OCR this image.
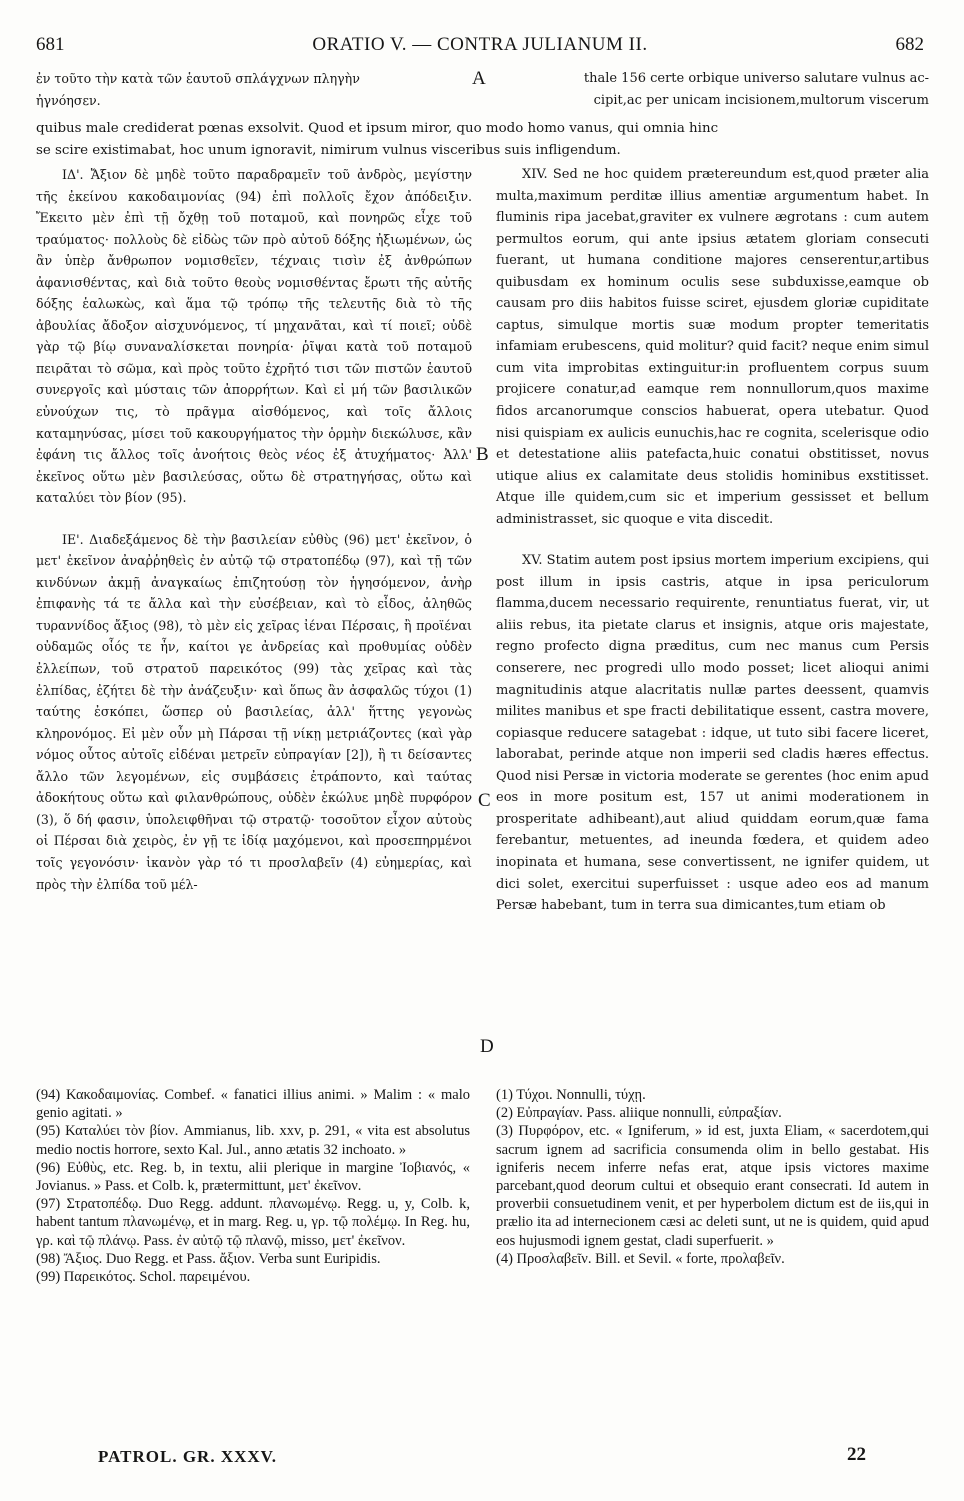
681	ORATIO V. — CONTRA JULIANUM II.	682
ἐν τοῦτο τὴν κατὰ τῶν ἑαυτοῦ σπλάγχνων πληγὴν
ἠγνόησεν.
thale 156 certe orbique universo salutare vulnus ac-
cipit,ac per unicam incisionem,multorum viscerum
quibus male crediderat pœnas exsolvit. Quod et ipsum miror, quo modo homo vanus, qui omnia hinc
se scire existimabat, hoc unum ignoravit, nimirum vulnus visceribus suis infligendum.

ΙΔ'. Ἄξιον δὲ μηδὲ τοῦτο παραδραμεῖν τοῦ ἀνδρὸς, μεγίστην τῆς ἐκείνου κακοδαιμονίας (94) ἐπὶ πολλοῖς ἔχον ἀπόδειξιν. Ἔκειτο μὲν ἐπὶ τῇ ὄχθῃ τοῦ ποταμοῦ, καὶ πονηρῶς εἶχε τοῦ τραύματος· πολλοὺς δὲ εἰδὼς τῶν πρὸ αὐτοῦ δόξης ἠξιωμένων, ὡς ἂν ὑπὲρ ἄνθρωπον νομισθεῖεν, τέχναις τισὶν ἐξ ἀνθρώπων ἀφανισθέντας, καὶ διὰ τοῦτο θεοὺς νομισθέντας ἔρωτι τῆς αὐτῆς δόξης ἑαλωκὼς, καὶ ἅμα τῷ τρόπῳ τῆς τελευτῆς διὰ τὸ τῆς ἀβουλίας ἄδοξον αἰσχυνόμενος, τί μηχανᾶται, καὶ τί ποιεῖ; οὐδὲ γὰρ τῷ βίῳ συναναλίσκεται πονηρία· ῥῖψαι κατὰ τοῦ ποταμοῦ πειρᾶται τὸ σῶμα, καὶ πρὸς τοῦτο ἐχρῆτό τισι τῶν πιστῶν ἑαυτοῦ συνεργοῖς καὶ μύσταις τῶν ἀπορρήτων. Καὶ εἰ μή τῶν βασιλικῶν εὐνούχων τις, τὸ πρᾶγμα αἰσθόμενος, καὶ τοῖς ἄλλοις καταμηνύσας, μίσει τοῦ κακουργήματος τὴν ὁρμὴν διεκώλυσε, κἂν ἐφάνη τις ἄλλος τοῖς ἀνοήτοις θεὸς νέος ἐξ ἀτυχήματος· Ἀλλ' ἐκεῖνος οὕτω μὲν βασιλεύσας, οὕτω δὲ στρατηγήσας, οὕτω καὶ καταλύει τὸν βίον (95).

ΙΕ'. Διαδεξάμενος δὲ τὴν βασιλείαν εὐθὺς (96) μετ' ἐκεῖνον, ὁ μετ' ἐκεῖνον ἀναῤῥηθεὶς ἐν αὐτῷ τῷ στρατοπέδῳ (97), καὶ τῇ τῶν κινδύνων ἀκμῇ ἀναγκαίως ἐπιζητούσῃ τὸν ἡγησόμενον, ἀνὴρ ἐπιφανὴς τά τε ἄλλα καὶ τὴν εὐσέβειαν, καὶ τὸ εἶδος, ἀληθῶς τυραννίδος ἄξιος (98), τὸ μὲν εἰς χεῖρας ἰέναι Πέρσαις, ἢ προϊέναι οὐδαμῶς οἷός τε ἦν, καίτοι γε ἀνδρείας καὶ προθυμίας οὐδὲν ἐλλείπων, τοῦ στρατοῦ παρεικότος (99) τὰς χεῖρας καὶ τὰς ἐλπίδας, ἐζήτει δὲ τὴν ἀνάζευξιν· καὶ ὅπως ἂν ἀσφαλῶς τύχοι (1) ταύτης ἐσκόπει, ὥσπερ οὐ βασιλείας, ἀλλ' ἥττης γεγονὼς κληρονόμος. Εἰ μὲν οὖν μὴ Πάρσαι τῇ νίκῃ μετριάζοντες (καὶ γὰρ νόμος οὗτος αὐτοῖς εἰδέναι μετρεῖν εὐπραγίαν [2]), ἢ τι δείσαντες ἄλλο τῶν λεγομένων, εἰς συμβάσεις ἐτράποντο, καὶ ταύτας ἀδοκήτους οὕτω καὶ φιλανθρώπους, οὐδὲν ἐκώλυε μηδὲ πυρφόρον (3), ὅ δή φασιν, ὑπολειφθῆναι τῷ στρατῷ· τοσοῦτον εἶχον αὐτοὺς οἱ Πέρσαι διὰ χειρὸς, ἐν γῇ τε ἰδίᾳ μαχόμενοι, καὶ προσεπηρμένοι τοῖς γεγονόσιν· ἱκανὸν γὰρ τό τι προσλαβεῖν (4) εὐημερίας, καὶ πρὸς τὴν ἐλπίδα τοῦ μέλ-

XIV. Sed ne hoc quidem prætereundum est,quod præter alia multa,maximum perditæ illius amentiæ argumentum habet. In fluminis ripa jacebat,graviter ex vulnere ægrotans : cum autem permultos eorum, qui ante ipsius ætatem gloriam consecuti fuerant, ut humana conditione majores censerentur,artibus quibusdam ex hominum oculis sese subduxisse,eamque ob causam pro diis habitos fuisse sciret, ejusdem gloriæ cupiditate captus, simulque mortis suæ modum propter temeritatis infamiam erubescens, quid molitur? quid facit? neque enim simul cum vita improbitas extinguitur:in profluentem corpus suum projicere conatur,ad eamque rem nonnullorum,quos maxime fidos arcanorumque conscios habuerat, opera utebatur. Quod nisi quispiam ex aulicis eunuchis,hac re cognita, scelerisque odio et detestatione aliis patefacta,huic conatui obstitisset, novus utique alius ex calamitate deus stolidis hominibus exstitisset. Atque ille quidem,cum sic et imperium gessisset et bellum administrasset, sic quoque e vita discedit.

XV. Statim autem post ipsius mortem imperium excipiens, qui post illum in ipsis castris, atque in ipsa periculorum flamma,ducem necessario requirente, renuntiatus fuerat, vir, ut aliis rebus, ita pietate clarus et insignis, atque oris majestate, regno profecto digna præditus, cum nec manus cum Persis conserere, nec progredi ullo modo posset; licet alioqui animi magnitudinis atque alacritatis nullæ partes deessent, quamvis milites manibus et spe fracti debilitatique essent, castra movere, copiasque reducere satagebat : idque, ut tuto sibi facere liceret, laborabat, perinde atque non imperii sed cladis hæres effectus. Quod nisi Persæ in victoria moderate se gerentes (hoc enim apud eos in more positum est, 157 ut animi moderationem in prosperitate adhibeant),aut aliud quiddam eorum,quæ fama ferebantur, metuentes, ad ineunda fœdera, et quidem adeo inopinata et humana, sese convertissent, ne ignifer quidem, ut dici solet, exercitui superfuisset : usque adeo eos ad manum Persæ habebant, tum in terra sua dimicantes,tum etiam ob

A
B
C
D

(94) Κακοδαιμονίας. Combef. « fanatici illius animi. » Malim : « malo genio agitati. »

(95) Καταλύει τὸν βίον. Ammianus, lib. xxv, p. 291, « vita est absolutus medio noctis horrore, sexto Kal. Jul., anno ætatis 32 inchoato. »

(96) Εὐθὺς, etc. Reg. b, in textu, alii plerique in margine Ἰοβιανός, « Jovianus. » Pass. et Colb. k, prætermittunt, μετ' ἐκεῖνον.

(97) Στρατοπέδῳ. Duo Regg. addunt. πλανωμένῳ. Regg. u, y, Colb. k, habent tantum πλανωμένῳ, et in marg. Reg. u, γρ. τῷ πολέμῳ. In Reg. hu, γρ. καὶ τῷ πλάνῳ. Pass. ἐν αὐτῷ τῷ πλανῷ, misso, μετ' ἐκεῖνον.

(98) Ἄξιος. Duo Regg. et Pass. ἄξιον. Verba sunt Euripidis.

(99) Παρεικότος. Schol. παρειμένου.

(1) Τύχοι. Nonnulli, τύχῃ.

(2) Εὐπραγίαν. Pass. aliique nonnulli, εὐπραξίαν.

(3) Πυρφόρον, etc. « Igniferum, » id est, juxta Eliam, « sacerdotem,qui sacrum ignem ad sacrificia consumenda olim in bello gestabat. His igniferis necem inferre nefas erat, atque ipsis victores maxime parcebant,quod deorum cultui et obsequio erant consecrati. Id autem in proverbii consuetudinem venit, et per hyperbolem dictum est de iis,qui in prælio ita ad internecionem cæsi ac deleti sunt, ut ne is quidem, quid apud eos hujusmodi ignem gestat, cladi superfuerit. »

(4) Προσλαβεῖν. Bill. et Sevil. « forte, προλαβεῖν.

PATROL. GR. XXXV.	22
